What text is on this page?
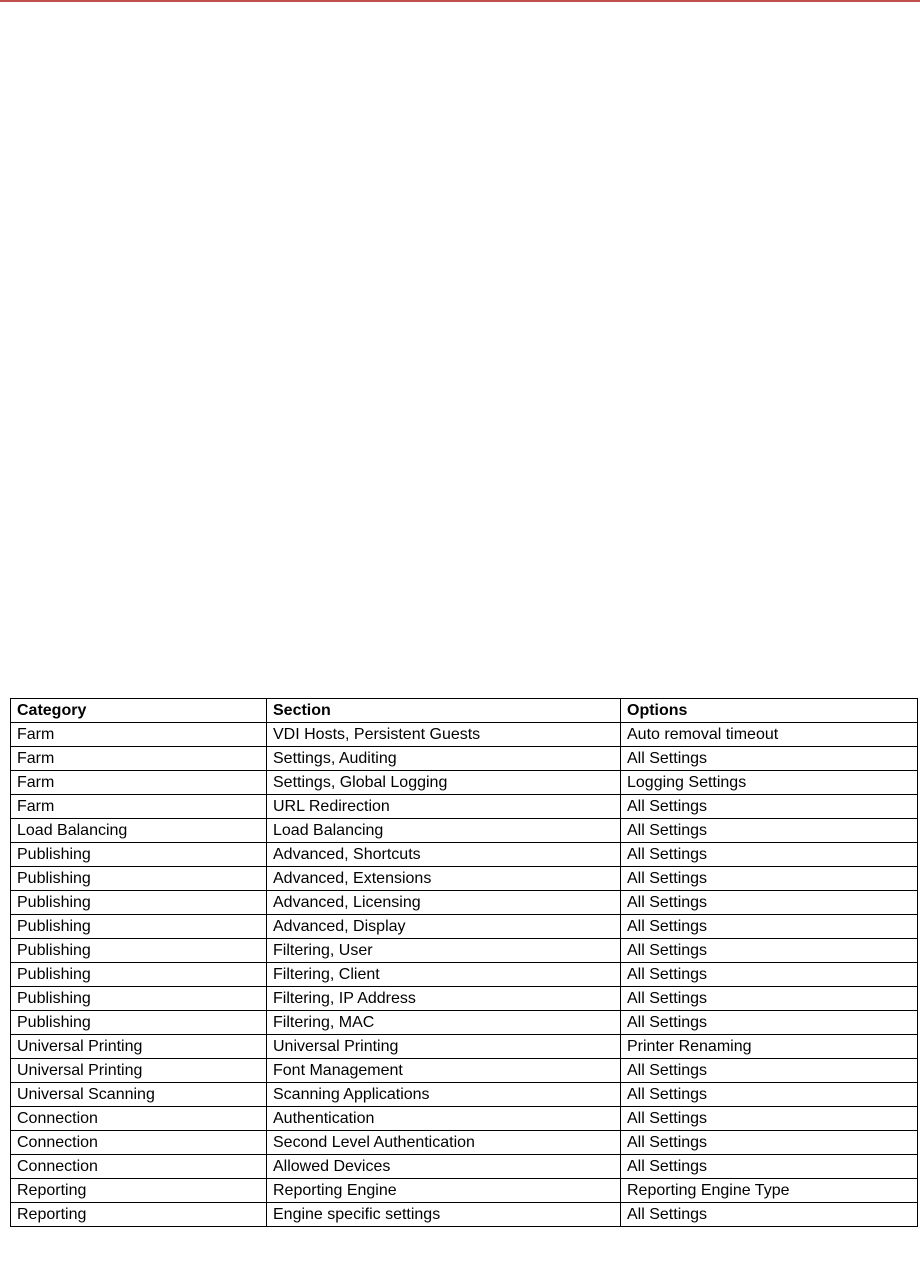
Category	Section	Options
Farm	VDI Hosts, Persistent Guests	Auto removal timeout
Farm	Settings, Auditing	All Settings
Farm	Settings, Global Logging	Logging Settings
Farm	URL Redirection	All Settings
Load Balancing	Load Balancing	All Settings
Publishing	Advanced, Shortcuts	All Settings
Publishing	Advanced, Extensions	All Settings
Publishing	Advanced, Licensing	All Settings
Publishing	Advanced, Display	All Settings
Publishing	Filtering, User	All Settings
Publishing	Filtering, Client	All Settings
Publishing	Filtering, IP Address	All Settings
Publishing	Filtering, MAC	All Settings
Universal Printing	Universal Printing	Printer Renaming
Universal Printing	Font Management	All Settings
Universal Scanning	Scanning Applications	All Settings
Connection	Authentication	All Settings
Connection	Second Level Authentication	All Settings
Connection	Allowed Devices	All Settings
Reporting	Reporting Engine	Reporting Engine Type
Reporting	Engine specific settings	All Settings
